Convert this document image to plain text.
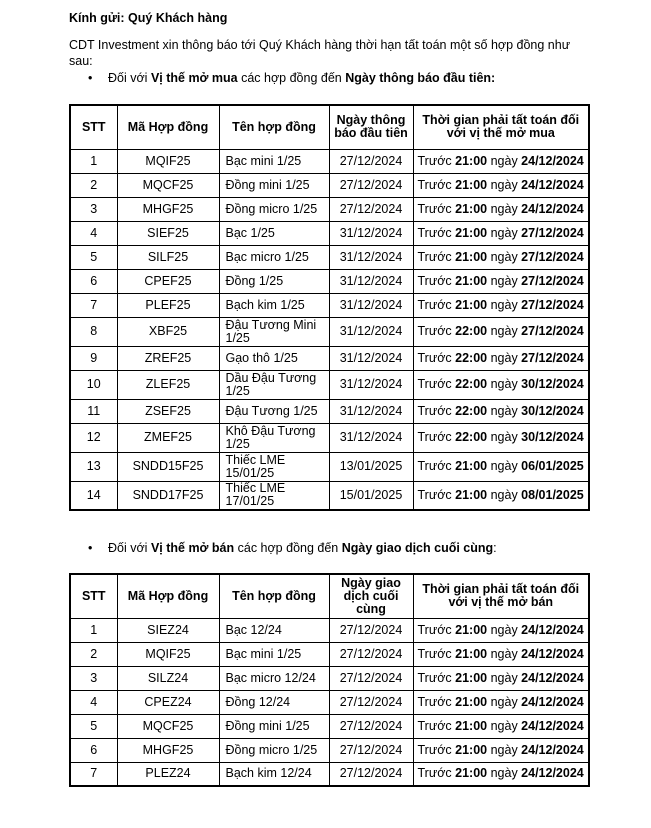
Kính gửi: Quý Khách hàng
CDT Investment xin thông báo tới Quý Khách hàng thời hạn tất toán một số hợp đồng như sau:
• Đối với Vị thế mở mua các hợp đồng đến Ngày thông báo đầu tiên:
STT	Mã Hợp đồng	Tên hợp đồng	Ngày thông báo đầu tiên	Thời gian phải tất toán đối với vị thế mở mua
1	MQIF25	Bạc mini 1/25	27/12/2024	Trước 21:00 ngày 24/12/2024
2	MQCF25	Đồng mini 1/25	27/12/2024	Trước 21:00 ngày 24/12/2024
3	MHGF25	Đồng micro 1/25	27/12/2024	Trước 21:00 ngày 24/12/2024
4	SIEF25	Bạc 1/25	31/12/2024	Trước 21:00 ngày 27/12/2024
5	SILF25	Bạc micro 1/25	31/12/2024	Trước 21:00 ngày 27/12/2024
6	CPEF25	Đồng 1/25	31/12/2024	Trước 21:00 ngày 27/12/2024
7	PLEF25	Bạch kim 1/25	31/12/2024	Trước 21:00 ngày 27/12/2024
8	XBF25	Đậu Tương Mini 1/25	31/12/2024	Trước 22:00 ngày 27/12/2024
9	ZREF25	Gạo thô 1/25	31/12/2024	Trước 22:00 ngày 27/12/2024
10	ZLEF25	Dầu Đậu Tương 1/25	31/12/2024	Trước 22:00 ngày 30/12/2024
11	ZSEF25	Đậu Tương 1/25	31/12/2024	Trước 22:00 ngày 30/12/2024
12	ZMEF25	Khô Đậu Tương 1/25	31/12/2024	Trước 22:00 ngày 30/12/2024
13	SNDD15F25	Thiếc LME 15/01/25	13/01/2025	Trước 21:00 ngày 06/01/2025
14	SNDD17F25	Thiếc LME 17/01/25	15/01/2025	Trước 21:00 ngày 08/01/2025
• Đối với Vị thế mở bán các hợp đồng đến Ngày giao dịch cuối cùng:
STT	Mã Hợp đồng	Tên hợp đồng	Ngày giao dịch cuối cùng	Thời gian phải tất toán đối với vị thế mở bán
1	SIEZ24	Bạc 12/24	27/12/2024	Trước 21:00 ngày 24/12/2024
2	MQIF25	Bạc mini 1/25	27/12/2024	Trước 21:00 ngày 24/12/2024
3	SILZ24	Bạc micro 12/24	27/12/2024	Trước 21:00 ngày 24/12/2024
4	CPEZ24	Đồng 12/24	27/12/2024	Trước 21:00 ngày 24/12/2024
5	MQCF25	Đồng mini 1/25	27/12/2024	Trước 21:00 ngày 24/12/2024
6	MHGF25	Đồng micro 1/25	27/12/2024	Trước 21:00 ngày 24/12/2024
7	PLEZ24	Bạch kim 12/24	27/12/2024	Trước 21:00 ngày 24/12/2024
